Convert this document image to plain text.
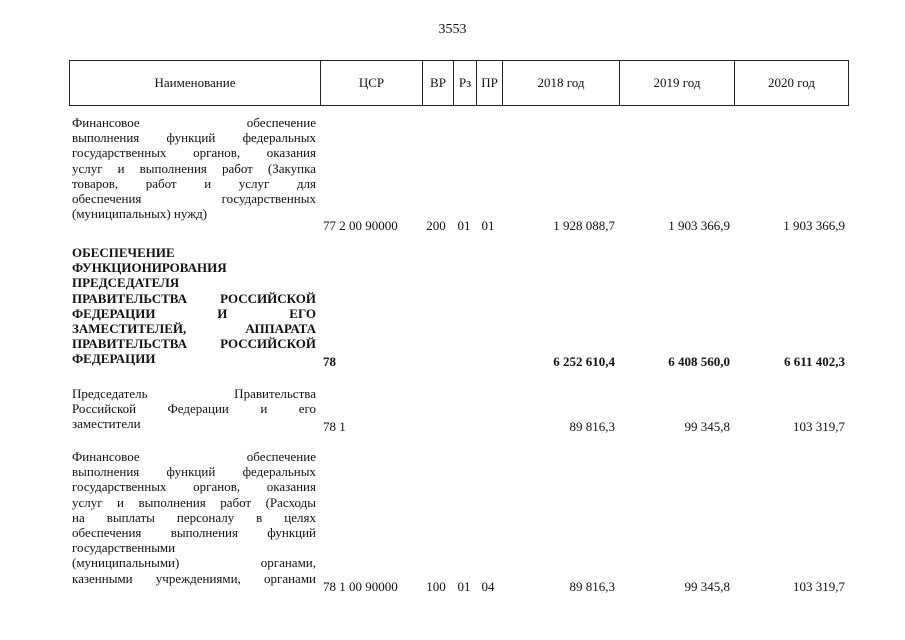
3553
Наименование	ЦСР	ВР Рз ПР	2018 год	2019 год	2020 год
Финансовое обеспечение
выполнения функций федеральных
государственных органов, оказания
услуг и выполнения работ (Закупка
товаров, работ и услуг для
обеспечения государственных
(муниципальных) нужд)
77 2 00 90000	200 01 01	1 928 088,7	1 903 366,9	1 903 366,9
ОБЕСПЕЧЕНИЕ
ФУНКЦИОНИРОВАНИЯ
ПРЕДСЕДАТЕЛЯ
ПРАВИТЕЛЬСТВА РОССИЙСКОЙ
ФЕДЕРАЦИИ И ЕГО
ЗАМЕСТИТЕЛЕЙ, АППАРАТА
ПРАВИТЕЛЬСТВА РОССИЙСКОЙ
ФЕДЕРАЦИИ	78	6 252 610,4	6 408 560,0	6 611 402,3
Председатель Правительства
Российской Федерации и его
заместители	78 1	89 816,3	99 345,8	103 319,7
Финансовое обеспечение
выполнения функций федеральных
государственных органов, оказания
услуг и выполнения работ (Расходы
на выплаты персоналу в целях
обеспечения выполнения функций
государственными
(муниципальными) органами,
казенными учреждениями, органами
78 1 00 90000	100 01 04	89 816,3	99 345,8	103 319,7
